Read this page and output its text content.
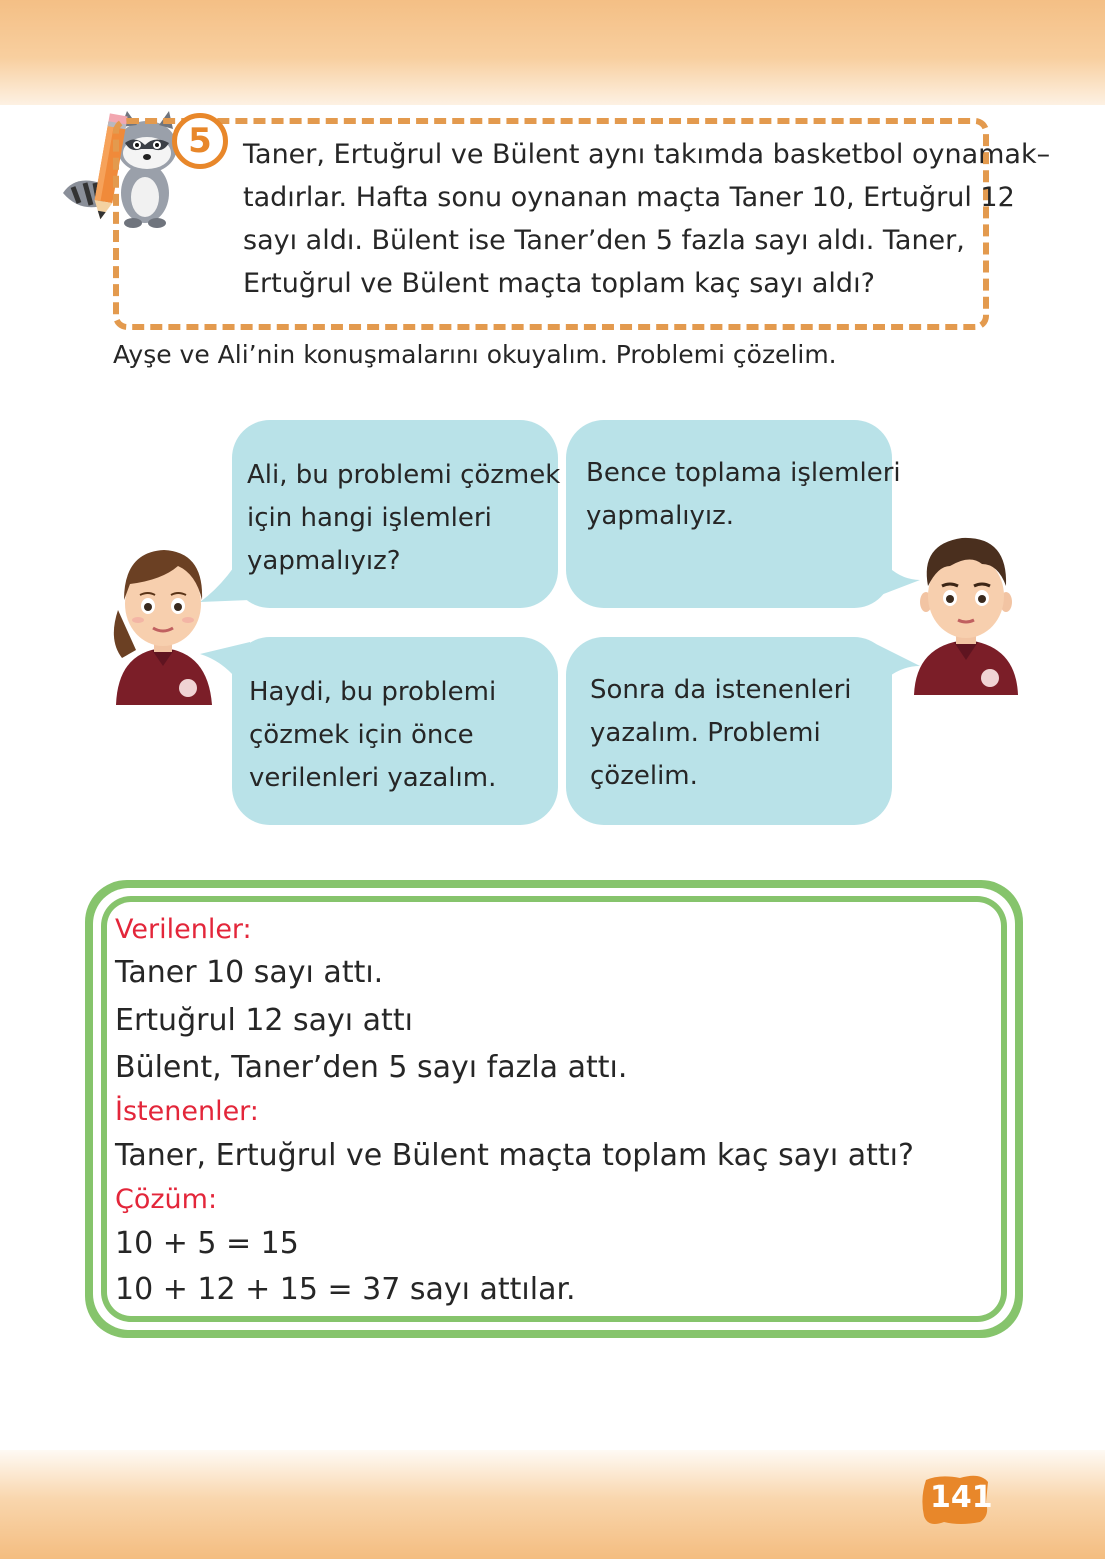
5	Taner, Ertuğrul ve Bülent aynı takımda basketbol oynamak–
tadırlar. Hafta sonu oynanan maçta Taner 10, Ertuğrul 12
sayı aldı. Bülent ise Taner’den 5 fazla sayı aldı. Taner,
Ertuğrul ve Bülent maçta toplam kaç sayı aldı?
Ayşe ve Ali’nin konuşmalarını okuyalım. Problemi çözelim.
Ali, bu problemi çözmek
için hangi işlemleri
yapmalıyız?
Bence toplama işlemleri
yapmalıyız.
Haydi, bu problemi
çözmek için önce
verilenleri yazalım.
Sonra da istenenleri
yazalım. Problemi
çözelim.
Verilenler:
Taner 10 sayı attı.
Ertuğrul 12 sayı attı
Bülent, Taner’den 5 sayı fazla attı.
İstenenler:
Taner, Ertuğrul ve Bülent maçta toplam kaç sayı attı?
Çözüm:
10 + 5 = 15
10 + 12 + 15 = 37 sayı attılar.
141
